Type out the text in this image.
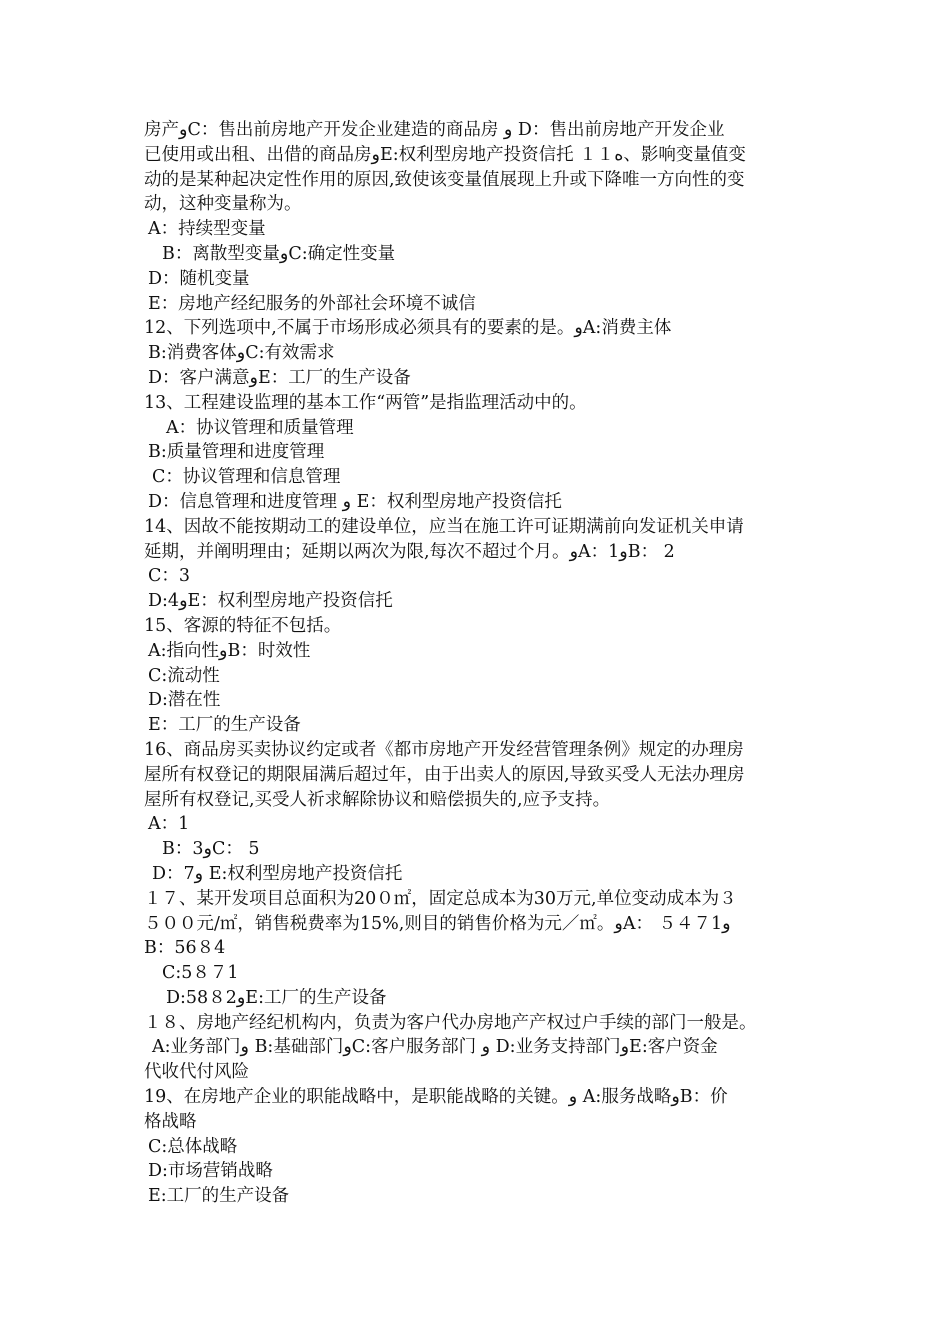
房产وC：售出前房地产开发企业建造的商品房 و D：售出前房地产开发企业
已使用或出租、出借的商品房وE:权利型房地产投资信托 １１ه、影响变量值变
动的是某种起决定性作用的原因,致使该变量值展现上升或下降唯一方向性的变
动，这种变量称为。
A：持续型变量
B：离散型变量وC:确定性变量
D：随机变量
E：房地产经纪服务的外部社会环境不诚信
12、下列选项中,不属于市场形成必须具有的要素的是。وA:消费主体
B:消费客体وC:有效需求
D：客户满意وE：工厂的生产设备
13、工程建设监理的基本工作“两管”是指监理活动中的。
A：协议管理和质量管理
B:质量管理和进度管理
C：协议管理和信息管理
D：信息管理和进度管理 و E：权利型房地产投资信托
14、因故不能按期动工的建设单位，应当在施工许可证期满前向发证机关申请
延期，并阐明理由；延期以两次为限,每次不超过个月。وA：1وB： 2
C：3
D:4وE：权利型房地产投资信托
15、客源的特征不包括。
A:指向性وB：时效性
C:流动性
D:潜在性
E：工厂的生产设备
16、商品房买卖协议约定或者《都市房地产开发经营管理条例》规定的办理房
屋所有权登记的期限届满后超过年，由于出卖人的原因,导致买受人无法办理房
屋所有权登记,买受人祈求解除协议和赔偿损失的,应予支持。
A：1
B：3وC： 5
D：7و E:权利型房地产投资信托
１７、某开发项目总面积为20０㎡，固定总成本为30万元,单位变动成本为３
５００元/㎡，销售税费率为15%,则目的销售价格为元／㎡。وA： ５４７1و
B：56８4
C:5８７1
D:58８2وE:工厂的生产设备
１８、房地产经纪机构内，负责为客户代办房地产产权过户手续的部门一般是。
A:业务部门و B:基础部门وC:客户服务部门 و D:业务支持部门وE:客户资金
代收代付风险
19、在房地产企业的职能战略中，是职能战略的关键。و A:服务战略وB：价
格战略
C:总体战略
D:市场营销战略
E:工厂的生产设备
